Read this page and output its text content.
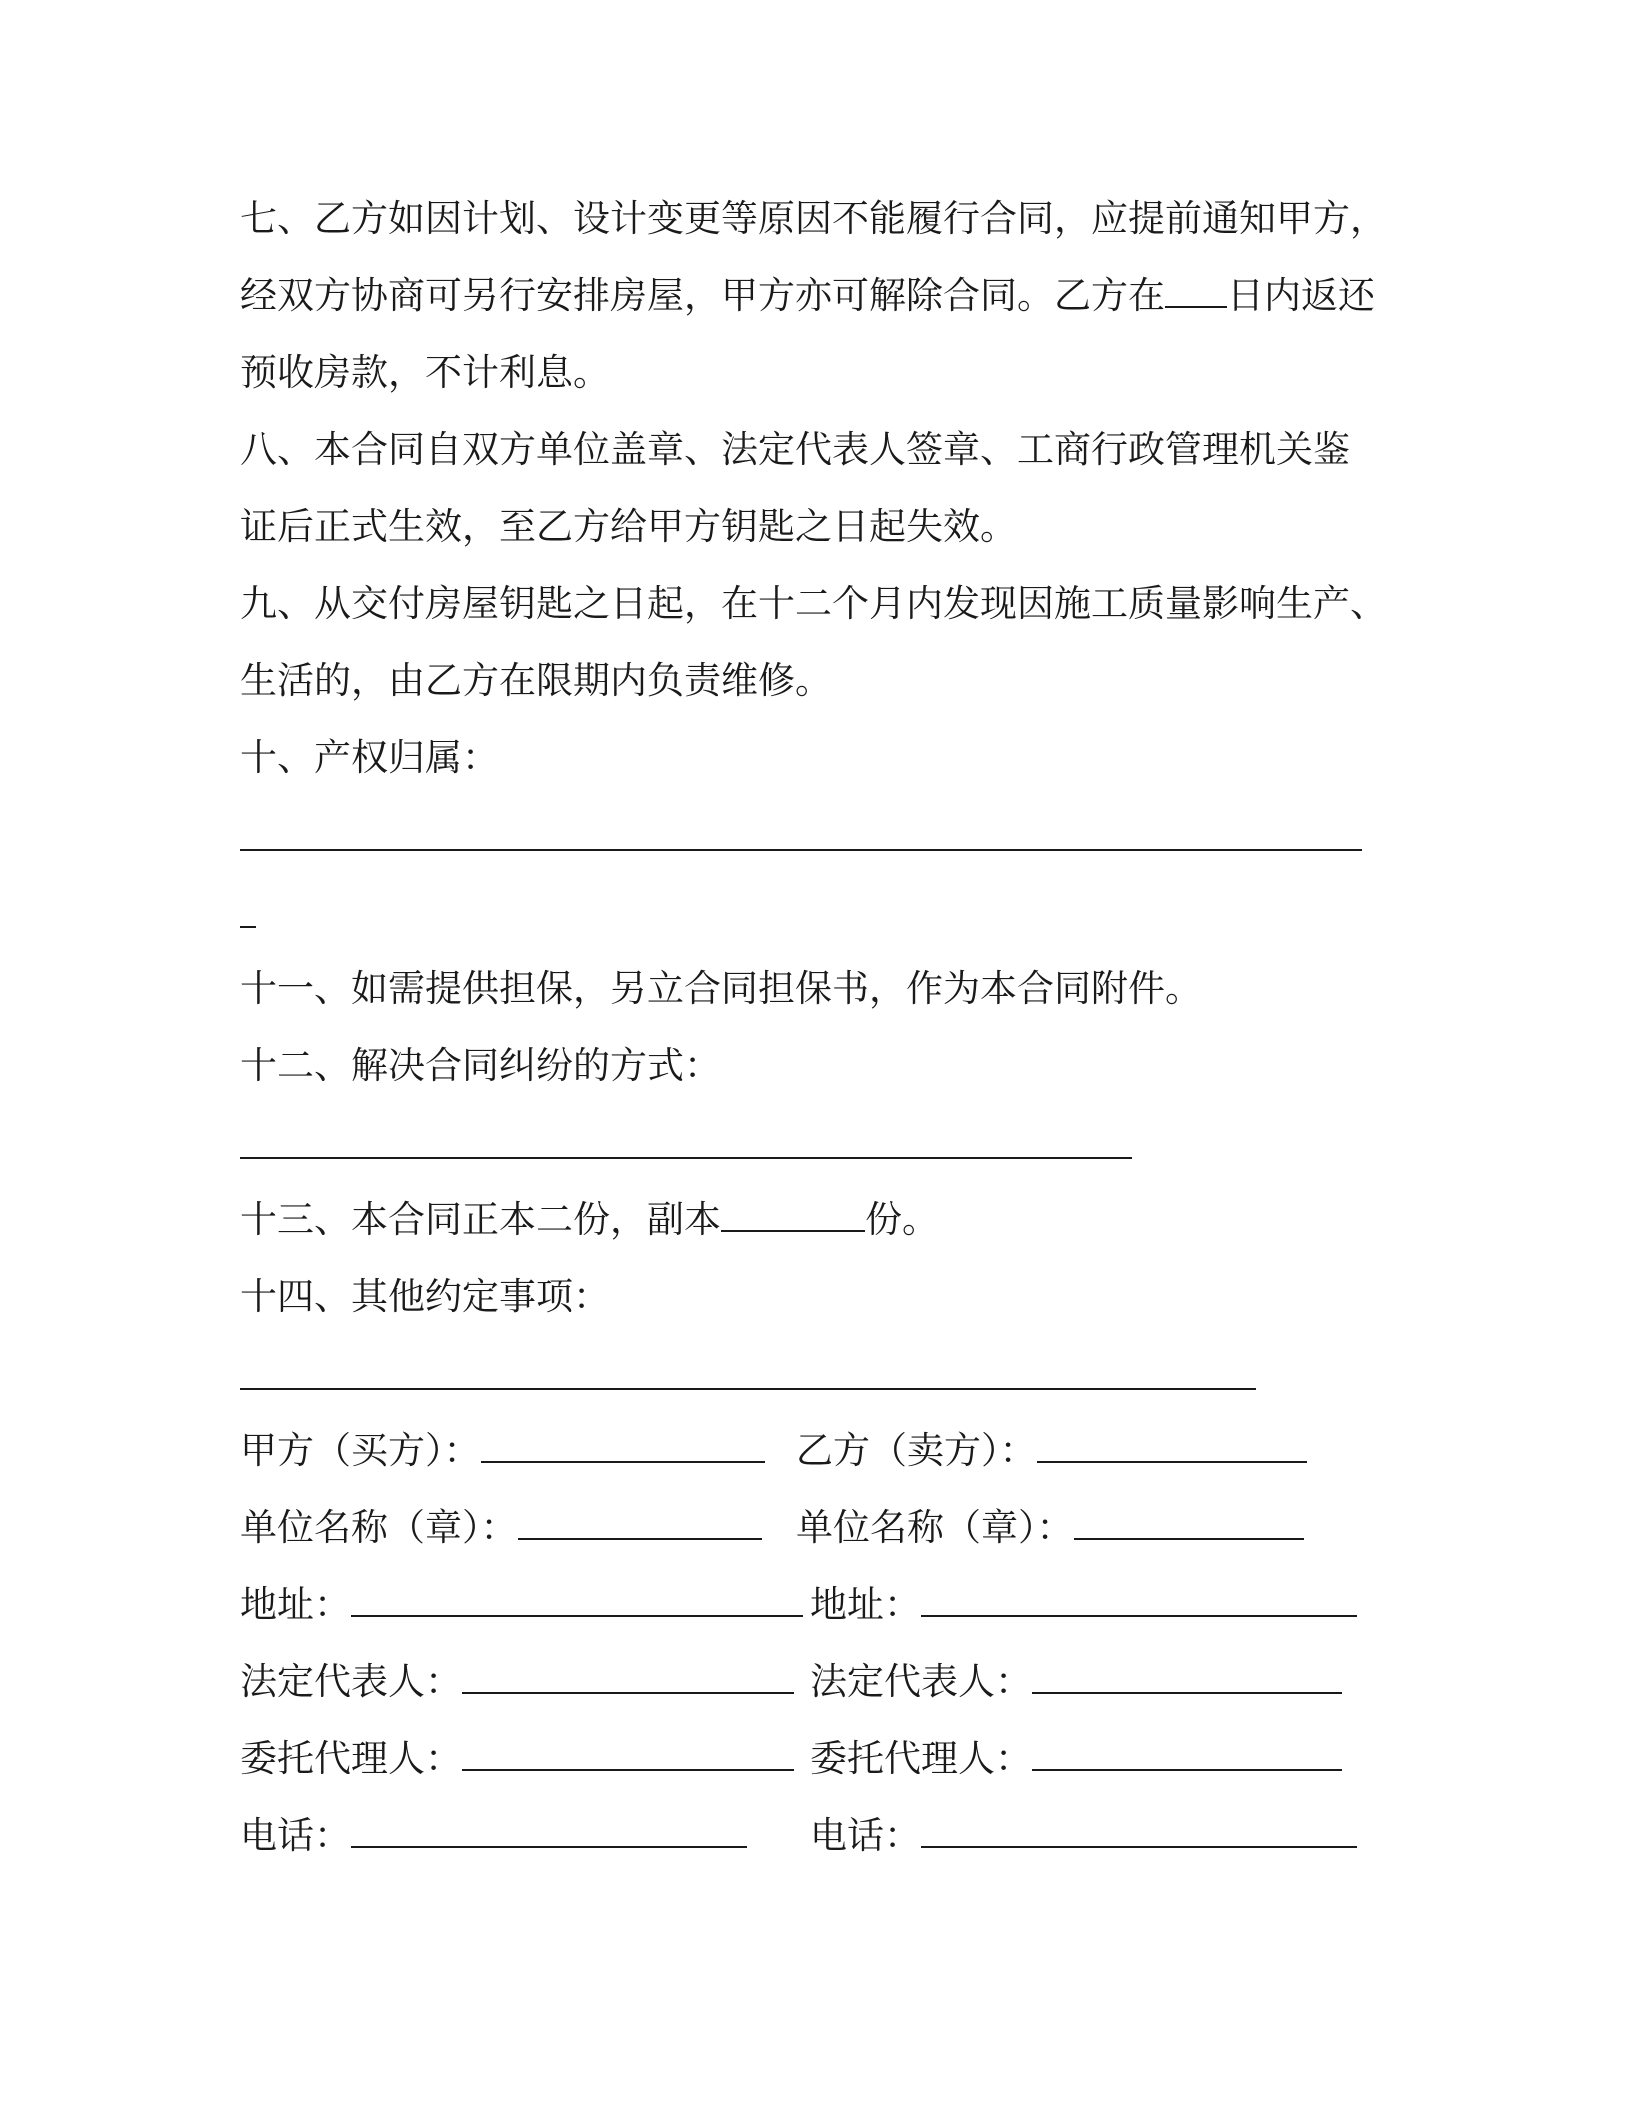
七、乙方如因计划、设计变更等原因不能履行合同，应提前通知甲方，
经双方协商可另行安排房屋，甲方亦可解除合同。乙方在 日内返还
预收房款，不计利息。
八、本合同自双方单位盖章、法定代表人签章、工商行政管理机关鉴
证后正式生效，至乙方给甲方钥匙之日起失效。
九、从交付房屋钥匙之日起，在十二个月内发现因施工质量影响生产、
生活的，由乙方在限期内负责维修。
十、产权归属：
十一、如需提供担保，另立合同担保书，作为本合同附件。
十二、解决合同纠纷的方式：
十三、本合同正本二份，副本	份。
十四、其他约定事项：
甲方（买方）：	乙方（卖方）：
单位名称（章）：	单位名称（章）：
地址：	地址：
法定代表人：	法定代表人：
委托代理人：	委托代理人：
电话：	电话：
